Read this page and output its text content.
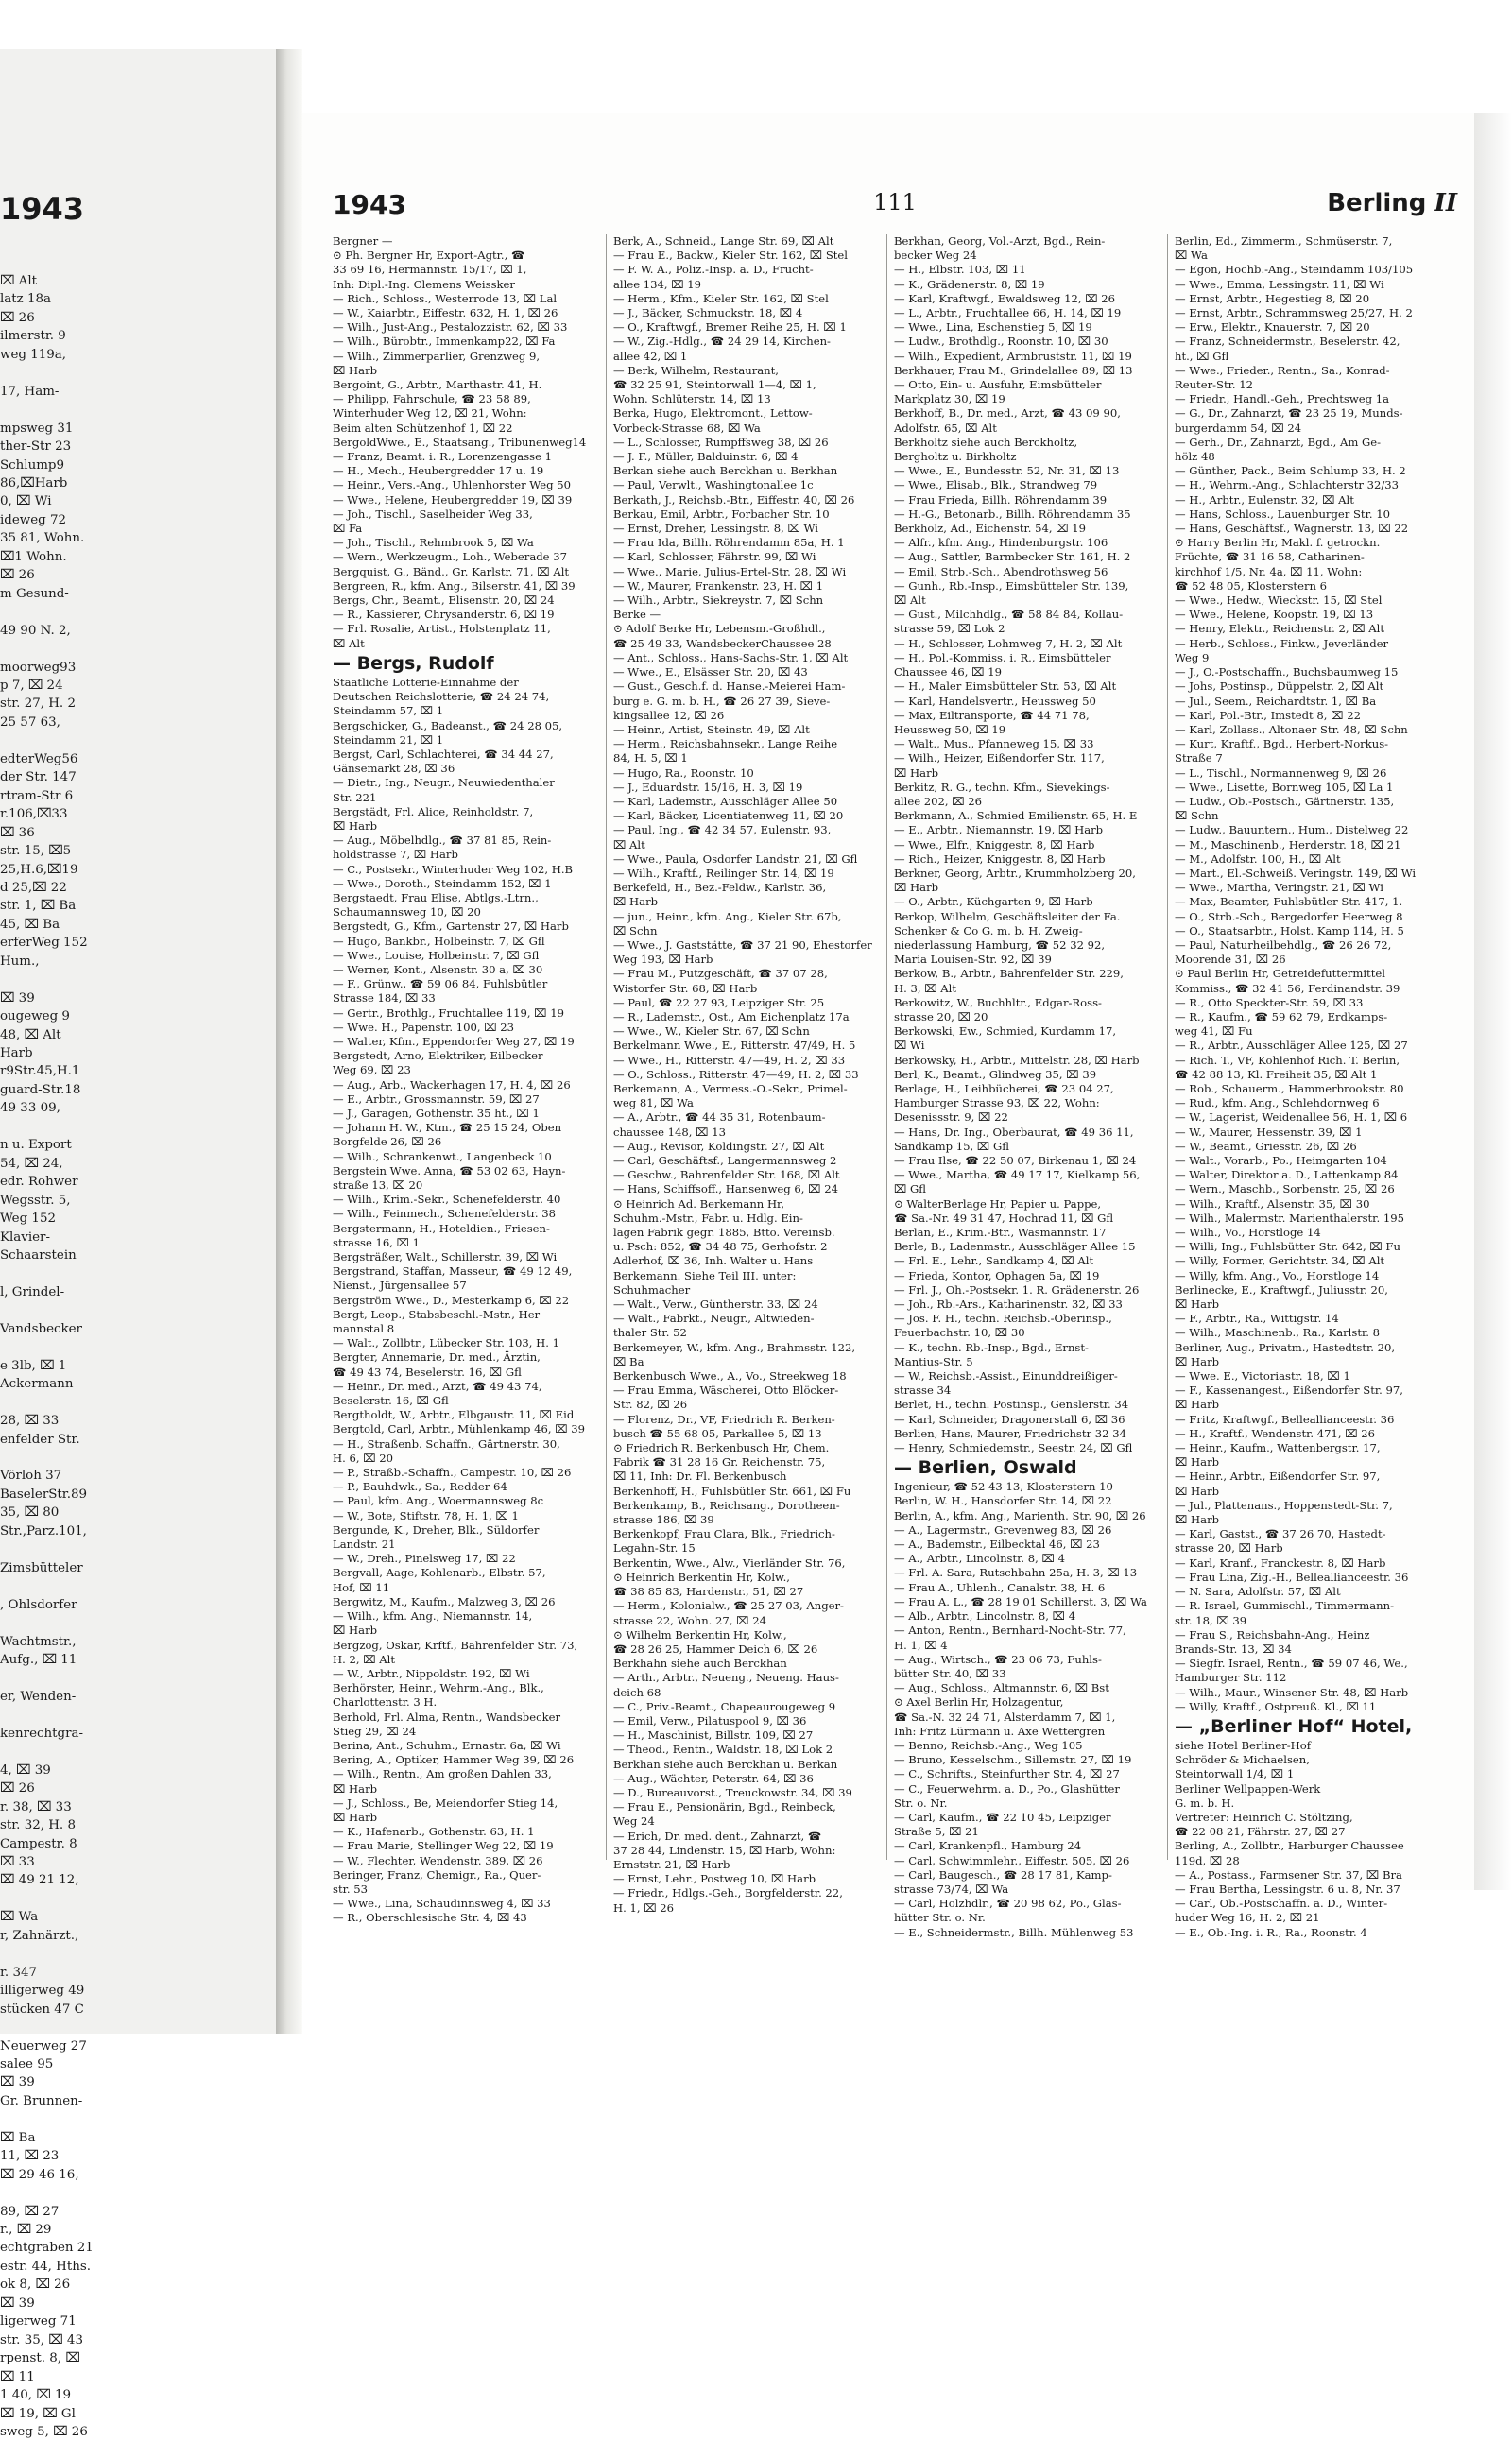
1943
⌧ Alt
latz 18a
⌧ 26
ilmerstr. 9
weg 119a,

17, Ham-

mpsweg 31
ther-Str 23
Schlump9
86,⌧Harb
0, ⌧ Wi
ideweg 72
35 81, Wohn.
⌧1 Wohn.
⌧ 26
m Gesund-

49 90 N. 2,

moorweg93
p 7, ⌧ 24
str. 27, H. 2
25 57 63,

edterWeg56
der Str. 147
rtram-Str 6
r.106,⌧33
⌧ 36
str. 15, ⌧5
25,H.6,⌧19
d 25,⌧ 22
str. 1, ⌧ Ba
45, ⌧ Ba
erferWeg 152
Hum.,

⌧ 39
ougeweg 9
48, ⌧ Alt
Harb
r9Str.45,H.1
guard-Str.18
49 33 09,

n u. Export
54, ⌧ 24,
edr. Rohwer
Wegsstr. 5,
Weg 152
Klavier-
Schaarstein

l, Grindel-

Vandsbecker

e 3lb, ⌧ 1
Ackermann

28, ⌧ 33
enfelder Str.

Vörloh 37
BaselerStr.89
35, ⌧ 80
Str.,Parz.101,

Zimsbütteler

, Ohlsdorfer

Wachtmstr.,
Aufg., ⌧ 11

er, Wenden-

kenrechtgra-

4, ⌧ 39
⌧ 26
r. 38, ⌧ 33
str. 32, H. 8
Campestr. 8
⌧ 33
⌧ 49 21 12,

⌧ Wa
r, Zahnärzt.,

r. 347
illigerweg 49
stücken 47 C

Neuerweg 27
salee 95
⌧ 39
Gr. Brunnen-

⌧ Ba
11, ⌧ 23
⌧ 29 46 16,

89, ⌧ 27
r., ⌧ 29
echtgraben 21
estr. 44, Hths.
ok 8, ⌧ 26
⌧ 39
ligerweg 71
str. 35, ⌧ 43
rpenst. 8, ⌧
⌧ 11
1 40, ⌧ 19
⌧ 19, ⌧ Gl
sweg 5, ⌧ 26
1943	111	Berling II
Bergner —
⊙ Ph. Bergner Hr, Export-Agtr., ☎
33 69 16, Hermannstr. 15/17, ⌧ 1,
Inh: Dipl.-Ing. Clemens Weissker
— Rich., Schloss., Westerrode 13, ⌧ Lal
— W., Kaiarbtr., Eiffestr. 632, H. 1, ⌧ 26
— Wilh., Just-Ang., Pestalozzistr. 62, ⌧ 33
— Wilh., Bürobtr., Immenkamp22, ⌧ Fa
— Wilh., Zimmerparlier, Grenzweg 9,
⌧ Harb
Bergoint, G., Arbtr., Marthastr. 41, H.
— Philipp, Fahrschule, ☎ 23 58 89,
Winterhuder Weg 12, ⌧ 21, Wohn:
Beim alten Schützenhof 1, ⌧ 22
BergoldWwe., E., Staatsang., Tribunenweg14
— Franz, Beamt. i. R., Lorenzengasse 1
— H., Mech., Heubergredder 17 u. 19
— Heinr., Vers.-Ang., Uhlenhorster Weg 50
— Wwe., Helene, Heubergredder 19, ⌧ 39
— Joh., Tischl., Saselheider Weg 33,
⌧ Fa
— Joh., Tischl., Rehmbrook 5, ⌧ Wa
— Wern., Werkzeugm., Loh., Weberade 37
Bergquist, G., Bänd., Gr. Karlstr. 71, ⌧ Alt
Bergreen, R., kfm. Ang., Bilserstr. 41, ⌧ 39
Bergs, Chr., Beamt., Elisenstr. 20, ⌧ 24
— R., Kassierer, Chrysanderstr. 6, ⌧ 19
— Frl. Rosalie, Artist., Holstenplatz 11,
⌧ Alt
— Bergs, Rudolf
Staatliche Lotterie-Einnahme der
Deutschen Reichslotterie, ☎ 24 24 74,
Steindamm 57, ⌧ 1
Bergschicker, G., Badeanst., ☎ 24 28 05,
Steindamm 21, ⌧ 1
Bergst, Carl, Schlachterei, ☎ 34 44 27,
Gänsemarkt 28, ⌧ 36
— Dietr., Ing., Neugr., Neuwiedenthaler
Str. 221
Bergstädt, Frl. Alice, Reinholdstr. 7,
⌧ Harb
— Aug., Möbelhdlg., ☎ 37 81 85, Rein-
holdstrasse 7, ⌧ Harb
— C., Postsekr., Winterhuder Weg 102, H.B
— Wwe., Doroth., Steindamm 152, ⌧ 1
Bergstaedt, Frau Elise, Abtlgs.-Ltrn.,
Schaumannsweg 10, ⌧ 20
Bergstedt, G., Kfm., Gartenstr 27, ⌧ Harb
— Hugo, Bankbr., Holbeinstr. 7, ⌧ Gfl
— Wwe., Louise, Holbeinstr. 7, ⌧ Gfl
— Werner, Kont., Alsenstr. 30 a, ⌧ 30
— F., Grünw., ☎ 59 06 84, Fuhlsbütler
Strasse 184, ⌧ 33
— Gertr., Brothlg., Fruchtallee 119, ⌧ 19
— Wwe. H., Papenstr. 100, ⌧ 23
— Walter, Kfm., Eppendorfer Weg 27, ⌧ 19
Bergstedt, Arno, Elektriker, Eilbecker
Weg 69, ⌧ 23
— Aug., Arb., Wackerhagen 17, H. 4, ⌧ 26
— E., Arbtr., Grossmannstr. 59, ⌧ 27
— J., Garagen, Gothenstr. 35 ht., ⌧ 1
— Johann H. W., Ktm., ☎ 25 15 24, Oben
Borgfelde 26, ⌧ 26
— Wilh., Schrankenwt., Langenbeck 10
Bergstein Wwe. Anna, ☎ 53 02 63, Hayn-
straße 13, ⌧ 20
— Wilh., Krim.-Sekr., Schenefelderstr. 40
— Wilh., Feinmech., Schenefelderstr. 38
Bergstermann, H., Hoteldien., Friesen-
strasse 16, ⌧ 1
Bergsträßer, Walt., Schillerstr. 39, ⌧ Wi
Bergstrand, Staffan, Masseur, ☎ 49 12 49,
Nienst., Jürgensallee 57
Bergström Wwe., D., Mesterkamp 6, ⌧ 22
Bergt, Leop., Stabsbeschl.-Mstr., Her
mannstal 8
— Walt., Zollbtr., Lübecker Str. 103, H. 1
Bergter, Annemarie, Dr. med., Ärztin,
☎ 49 43 74, Beselerstr. 16, ⌧ Gfl
— Heinr., Dr. med., Arzt, ☎ 49 43 74,
Beselerstr. 16, ⌧ Gfl
Bergtholdt, W., Arbtr., Elbgaustr. 11, ⌧ Eid
Bergtold, Carl, Arbtr., Mühlenkamp 46, ⌧ 39
— H., Straßenb. Schaffn., Gärtnerstr. 30,
H. 6, ⌧ 20
— P., Straßb.-Schaffn., Campestr. 10, ⌧ 26
— P., Bauhdwk., Sa., Redder 64
— Paul, kfm. Ang., Woermannsweg 8c
— W., Bote, Stiftstr. 78, H. 1, ⌧ 1
Bergunde, K., Dreher, Blk., Süldorfer
Landstr. 21
— W., Dreh., Pinelsweg 17, ⌧ 22
Bergvall, Aage, Kohlenarb., Elbstr. 57,
Hof, ⌧ 11
Bergwitz, M., Kaufm., Malzweg 3, ⌧ 26
— Wilh., kfm. Ang., Niemannstr. 14,
⌧ Harb
Bergzog, Oskar, Krftf., Bahrenfelder Str. 73,
H. 2, ⌧ Alt
— W., Arbtr., Nippoldstr. 192, ⌧ Wi
Berhörster, Heinr., Wehrm.-Ang., Blk.,
Charlottenstr. 3 H.
Berhold, Frl. Alma, Rentn., Wandsbecker
Stieg 29, ⌧ 24
Berina, Ant., Schuhm., Ernastr. 6a, ⌧ Wi
Bering, A., Optiker, Hammer Weg 39, ⌧ 26
— Wilh., Rentn., Am großen Dahlen 33,
⌧ Harb
— J., Schloss., Be, Meiendorfer Stieg 14,
⌧ Harb
— K., Hafenarb., Gothenstr. 63, H. 1
— Frau Marie, Stellinger Weg 22, ⌧ 19
— W., Flechter, Wendenstr. 389, ⌧ 26
Beringer, Franz, Chemigr., Ra., Quer-
str. 53
— Wwe., Lina, Schaudinnsweg 4, ⌧ 33
— R., Oberschlesische Str. 4, ⌧ 43
Berk, A., Schneid., Lange Str. 69, ⌧ Alt
— Frau E., Backw., Kieler Str. 162, ⌧ Stel
— F. W. A., Poliz.-Insp. a. D., Frucht-
allee 134, ⌧ 19
— Herm., Kfm., Kieler Str. 162, ⌧ Stel
— J., Bäcker, Schmuckstr. 18, ⌧ 4
— O., Kraftwgf., Bremer Reihe 25, H. ⌧ 1
— W., Zig.-Hdlg., ☎ 24 29 14, Kirchen-
allee 42, ⌧ 1
— Berk, Wilhelm, Restaurant,
☎ 32 25 91, Steintorwall 1—4, ⌧ 1,
Wohn. Schlüterstr. 14, ⌧ 13
Berka, Hugo, Elektromont., Lettow-
Vorbeck-Strasse 68, ⌧ Wa
— L., Schlosser, Rumpffsweg 38, ⌧ 26
— J. F., Müller, Balduinstr. 6, ⌧ 4
Berkan siehe auch Berckhan u. Berkhan
— Paul, Verwlt., Washingtonallee 1c
Berkath, J., Reichsb.-Btr., Eiffestr. 40, ⌧ 26
Berkau, Emil, Arbtr., Forbacher Str. 10
— Ernst, Dreher, Lessingstr. 8, ⌧ Wi
— Frau Ida, Billh. Röhrendamm 85a, H. 1
— Karl, Schlosser, Fährstr. 99, ⌧ Wi
— Wwe., Marie, Julius-Ertel-Str. 28, ⌧ Wi
— W., Maurer, Frankenstr. 23, H. ⌧ 1
— Wilh., Arbtr., Siekreystr. 7, ⌧ Schn
Berke —
⊙ Adolf Berke Hr, Lebensm.-Großhdl.,
☎ 25 49 33, WandsbeckerChaussee 28
— Ant., Schloss., Hans-Sachs-Str. 1, ⌧ Alt
— Wwe., E., Elsässer Str. 20, ⌧ 43
— Gust., Gesch.f. d. Hanse.-Meierei Ham-
burg e. G. m. b. H., ☎ 26 27 39, Sieve-
kingsallee 12, ⌧ 26
— Heinr., Artist, Steinstr. 49, ⌧ Alt
— Herm., Reichsbahnsekr., Lange Reihe
84, H. 5, ⌧ 1
— Hugo, Ra., Roonstr. 10
— J., Eduardstr. 15/16, H. 3, ⌧ 19
— Karl, Lademstr., Ausschläger Allee 50
— Karl, Bäcker, Licentiatenweg 11, ⌧ 20
— Paul, Ing., ☎ 42 34 57, Eulenstr. 93,
⌧ Alt
— Wwe., Paula, Osdorfer Landstr. 21, ⌧ Gfl
— Wilh., Kraftf., Reilinger Str. 14, ⌧ 19
Berkefeld, H., Bez.-Feldw., Karlstr. 36,
⌧ Harb
— jun., Heinr., kfm. Ang., Kieler Str. 67b,
⌧ Schn
— Wwe., J. Gaststätte, ☎ 37 21 90, Ehestorfer
Weg 193, ⌧ Harb
— Frau M., Putzgeschäft, ☎ 37 07 28,
Wistorfer Str. 68, ⌧ Harb
— Paul, ☎ 22 27 93, Leipziger Str. 25
— R., Lademstr., Ost., Am Eichenplatz 17a
— Wwe., W., Kieler Str. 67, ⌧ Schn
Berkelmann Wwe., E., Ritterstr. 47/49, H. 5
— Wwe., H., Ritterstr. 47—49, H. 2, ⌧ 33
— O., Schloss., Ritterstr. 47—49, H. 2, ⌧ 33
Berkemann, A., Vermess.-O.-Sekr., Primel-
weg 81, ⌧ Wa
— A., Arbtr., ☎ 44 35 31, Rotenbaum-
chaussee 148, ⌧ 13
— Aug., Revisor, Koldingstr. 27, ⌧ Alt
— Carl, Geschäftsf., Langermannsweg 2
— Geschw., Bahrenfelder Str. 168, ⌧ Alt
— Hans, Schiffsoff., Hansenweg 6, ⌧ 24
⊙ Heinrich Ad. Berkemann Hr,
Schuhm.-Mstr., Fabr. u. Hdlg. Ein-
lagen Fabrik gegr. 1885, Btto. Vereinsb.
u. Psch: 852, ☎ 34 48 75, Gerhofstr. 2
Adlerhof, ⌧ 36, Inh. Walter u. Hans
Berkemann. Siehe Teil III. unter:
Schuhmacher
— Walt., Verw., Güntherstr. 33, ⌧ 24
— Walt., Fabrkt., Neugr., Altwieden-
thaler Str. 52
Berkemeyer, W., kfm. Ang., Brahmsstr. 122,
⌧ Ba
Berkenbusch Wwe., A., Vo., Streekweg 18
— Frau Emma, Wäscherei, Otto Blöcker-
Str. 82, ⌧ 26
— Florenz, Dr., VF, Friedrich R. Berken-
busch ☎ 55 68 05, Parkallee 5, ⌧ 13
⊙ Friedrich R. Berkenbusch Hr, Chem.
Fabrik ☎ 31 28 16 Gr. Reichenstr. 75,
⌧ 11, Inh: Dr. Fl. Berkenbusch
Berkenhoff, H., Fuhlsbütler Str. 661, ⌧ Fu
Berkenkamp, B., Reichsang., Dorotheen-
strasse 186, ⌧ 39
Berkenkopf, Frau Clara, Blk., Friedrich-
Legahn-Str. 15
Berkentin, Wwe., Alw., Vierländer Str. 76,
⊙ Heinrich Berkentin Hr, Kolw.,
☎ 38 85 83, Hardenstr., 51, ⌧ 27
— Herm., Kolonialw., ☎ 25 27 03, Anger-
strasse 22, Wohn. 27, ⌧ 24
⊙ Wilhelm Berkentin Hr, Kolw.,
☎ 28 26 25, Hammer Deich 6, ⌧ 26
Berkhahn siehe auch Berckhan
— Arth., Arbtr., Neueng., Neueng. Haus-
deich 68
— C., Priv.-Beamt., Chapeaurougeweg 9
— Emil, Verw., Pilatuspool 9, ⌧ 36
— H., Maschinist, Billstr. 109, ⌧ 27
— Theod., Rentn., Waldstr. 18, ⌧ Lok 2
Berkhan siehe auch Berckhan u. Berkan
— Aug., Wächter, Peterstr. 64, ⌧ 36
— D., Bureauvorst., Treuckowstr. 34, ⌧ 39
— Frau E., Pensionärin, Bgd., Reinbeck,
Weg 24
— Erich, Dr. med. dent., Zahnarzt, ☎
37 28 44, Lindenstr. 15, ⌧ Harb, Wohn:
Ernststr. 21, ⌧ Harb
— Ernst, Lehr., Postweg 10, ⌧ Harb
— Friedr., Hdlgs.-Geh., Borgfelderstr. 22,
H. 1, ⌧ 26
Berkhan, Georg, Vol.-Arzt, Bgd., Rein-
becker Weg 24
— H., Elbstr. 103, ⌧ 11
— K., Grädenerstr. 8, ⌧ 19
— Karl, Kraftwgf., Ewaldsweg 12, ⌧ 26
— L., Arbtr., Fruchtallee 66, H. 14, ⌧ 19
— Wwe., Lina, Eschenstieg 5, ⌧ 19
— Ludw., Brothdlg., Roonstr. 10, ⌧ 30
— Wilh., Expedient, Armbruststr. 11, ⌧ 19
Berkhauer, Frau M., Grindelallee 89, ⌧ 13
— Otto, Ein- u. Ausfuhr, Eimsbütteler
Markplatz 30, ⌧ 19
Berkhoff, B., Dr. med., Arzt, ☎ 43 09 90,
Adolfstr. 65, ⌧ Alt
Berkholtz siehe auch Berckholtz,
Bergholtz u. Birkholtz
— Wwe., E., Bundesstr. 52, Nr. 31, ⌧ 13
— Wwe., Elisab., Blk., Strandweg 79
— Frau Frieda, Billh. Röhrendamm 39
— H.-G., Betonarb., Billh. Röhrendamm 35
Berkholz, Ad., Eichenstr. 54, ⌧ 19
— Alfr., kfm. Ang., Hindenburgstr. 106
— Aug., Sattler, Barmbecker Str. 161, H. 2
— Emil, Strb.-Sch., Abendrothsweg 56
— Gunh., Rb.-Insp., Eimsbütteler Str. 139,
⌧ Alt
— Gust., Milchhdlg., ☎ 58 84 84, Kollau-
strasse 59, ⌧ Lok 2
— H., Schlosser, Lohmweg 7, H. 2, ⌧ Alt
— H., Pol.-Kommiss. i. R., Eimsbütteler
Chaussee 46, ⌧ 19
— H., Maler Eimsbütteler Str. 53, ⌧ Alt
— Karl, Handelsvertr., Heussweg 50
— Max, Eiltransporte, ☎ 44 71 78,
Heussweg 50, ⌧ 19
— Walt., Mus., Pfanneweg 15, ⌧ 33
— Wilh., Heizer, Eißendorfer Str. 117,
⌧ Harb
Berkitz, R. G., techn. Kfm., Sievekings-
allee 202, ⌧ 26
Berkmann, A., Schmied Emilienstr. 65, H. E
— E., Arbtr., Niemannstr. 19, ⌧ Harb
— Wwe., Elfr., Kniggestr. 8, ⌧ Harb
— Rich., Heizer, Kniggestr. 8, ⌧ Harb
Berkner, Georg, Arbtr., Krummholzberg 20,
⌧ Harb
— O., Arbtr., Küchgarten 9, ⌧ Harb
Berkop, Wilhelm, Geschäftsleiter der Fa.
Schenker & Co G. m. b. H. Zweig-
niederlassung Hamburg, ☎ 52 32 92,
Maria Louisen-Str. 92, ⌧ 39
Berkow, B., Arbtr., Bahrenfelder Str. 229,
H. 3, ⌧ Alt
Berkowitz, W., Buchhltr., Edgar-Ross-
strasse 20, ⌧ 20
Berkowski, Ew., Schmied, Kurdamm 17,
⌧ Wi
Berkowsky, H., Arbtr., Mittelstr. 28, ⌧ Harb
Berl, K., Beamt., Glindweg 35, ⌧ 39
Berlage, H., Leihbücherei, ☎ 23 04 27,
Hamburger Strasse 93, ⌧ 22, Wohn:
Desenissstr. 9, ⌧ 22
— Hans, Dr. Ing., Oberbaurat, ☎ 49 36 11,
Sandkamp 15, ⌧ Gfl
— Frau Ilse, ☎ 22 50 07, Birkenau 1, ⌧ 24
— Wwe., Martha, ☎ 49 17 17, Kielkamp 56,
⌧ Gfl
⊙ WalterBerlage Hr, Papier u. Pappe,
☎ Sa.-Nr. 49 31 47, Hochrad 11, ⌧ Gfl
Berlan, E., Krim.-Btr., Wasmannstr. 17
Berle, B., Ladenmstr., Ausschläger Allee 15
— Frl. E., Lehr., Sandkamp 4, ⌧ Alt
— Frieda, Kontor, Ophagen 5a, ⌧ 19
— Frl. J., Oh.-Postsekr. 1. R. Grädenerstr. 26
— Joh., Rb.-Ars., Katharinenstr. 32, ⌧ 33
— Jos. F. H., techn. Reichsb.-Oberinsp.,
Feuerbachstr. 10, ⌧ 30
— K., techn. Rb.-Insp., Bgd., Ernst-
Mantius-Str. 5
— W., Reichsb.-Assist., Einunddreißiger-
strasse 34
Berlet, H., techn. Postinsp., Genslerstr. 34
— Karl, Schneider, Dragonerstall 6, ⌧ 36
Berlien, Hans, Maurer, Friedrichstr 32 34
— Henry, Schmiedemstr., Seestr. 24, ⌧ Gfl
— Berlien, Oswald
Ingenieur, ☎ 52 43 13, Klosterstern 10
Berlin, W. H., Hansdorfer Str. 14, ⌧ 22
Berlin, A., kfm. Ang., Marienth. Str. 90, ⌧ 26
— A., Lagermstr., Grevenweg 83, ⌧ 26
— A., Bademstr., Eilbecktal 46, ⌧ 23
— A., Arbtr., Lincolnstr. 8, ⌧ 4
— Frl. A. Sara, Rutschbahn 25a, H. 3, ⌧ 13
— Frau A., Uhlenh., Canalstr. 38, H. 6
— Frau A. L., ☎ 28 19 01 Schillerst. 3, ⌧ Wa
— Alb., Arbtr., Lincolnstr. 8, ⌧ 4
— Anton, Rentn., Bernhard-Nocht-Str. 77,
H. 1, ⌧ 4
— Aug., Wirtsch., ☎ 23 06 73, Fuhls-
bütter Str. 40, ⌧ 33
— Aug., Schloss., Altmannstr. 6, ⌧ Bst
⊙ Axel Berlin Hr, Holzagentur,
☎ Sa.-N. 32 24 71, Alsterdamm 7, ⌧ 1,
Inh: Fritz Lürmann u. Axe Wettergren
— Benno, Reichsb.-Ang., Weg 105
— Bruno, Kesselschm., Sillemstr. 27, ⌧ 19
— C., Schrifts., Steinfurther Str. 4, ⌧ 27
— C., Feuerwehrm. a. D., Po., Glashütter
Str. o. Nr.
— Carl, Kaufm., ☎ 22 10 45, Leipziger
Straße 5, ⌧ 21
— Carl, Krankenpfl., Hamburg 24
— Carl, Schwimmlehr., Eiffestr. 505, ⌧ 26
— Carl, Baugesch., ☎ 28 17 81, Kamp-
strasse 73/74, ⌧ Wa
— Carl, Holzhdlr., ☎ 20 98 62, Po., Glas-
hütter Str. o. Nr.
— E., Schneidermstr., Billh. Mühlenweg 53
Berlin, Ed., Zimmerm., Schmüserstr. 7,
⌧ Wa
— Egon, Hochb.-Ang., Steindamm 103/105
— Wwe., Emma, Lessingstr. 11, ⌧ Wi
— Ernst, Arbtr., Hegestieg 8, ⌧ 20
— Ernst, Arbtr., Schrammsweg 25/27, H. 2
— Erw., Elektr., Knauerstr. 7, ⌧ 20
— Franz, Schneidermstr., Beselerstr. 42,
ht., ⌧ Gfl
— Wwe., Frieder., Rentn., Sa., Konrad-
Reuter-Str. 12
— Friedr., Handl.-Geh., Prechtsweg 1a
— G., Dr., Zahnarzt, ☎ 23 25 19, Munds-
burgerdamm 54, ⌧ 24
— Gerh., Dr., Zahnarzt, Bgd., Am Ge-
hölz 48
— Günther, Pack., Beim Schlump 33, H. 2
— H., Wehrm.-Ang., Schlachterstr 32/33
— H., Arbtr., Eulenstr. 32, ⌧ Alt
— Hans, Schloss., Lauenburger Str. 10
— Hans, Geschäftsf., Wagnerstr. 13, ⌧ 22
⊙ Harry Berlin Hr, Makl. f. getrockn.
Früchte, ☎ 31 16 58, Catharinen-
kirchhof 1/5, Nr. 4a, ⌧ 11, Wohn:
☎ 52 48 05, Klosterstern 6
— Wwe., Hedw., Wieckstr. 15, ⌧ Stel
— Wwe., Helene, Koopstr. 19, ⌧ 13
— Henry, Elektr., Reichenstr. 2, ⌧ Alt
— Herb., Schloss., Finkw., Jeverländer
Weg 9
— J., O.-Postschaffn., Buchsbaumweg 15
— Johs, Postinsp., Düppelstr. 2, ⌧ Alt
— Jul., Seem., Reichardtstr. 1, ⌧ Ba
— Karl, Pol.-Btr., Imstedt 8, ⌧ 22
— Karl, Zollass., Altonaer Str. 48, ⌧ Schn
— Kurt, Kraftf., Bgd., Herbert-Norkus-
Straße 7
— L., Tischl., Normannenweg 9, ⌧ 26
— Wwe., Lisette, Bornweg 105, ⌧ La 1
— Ludw., Ob.-Postsch., Gärtnerstr. 135,
⌧ Schn
— Ludw., Bauuntern., Hum., Distelweg 22
— M., Maschinenb., Herderstr. 18, ⌧ 21
— M., Adolfstr. 100, H., ⌧ Alt
— Mart., El.-Schweiß. Veringstr. 149, ⌧ Wi
— Wwe., Martha, Veringstr. 21, ⌧ Wi
— Max, Beamter, Fuhlsbütler Str. 417, 1.
— O., Strb.-Sch., Bergedorfer Heerweg 8
— O., Staatsarbtr., Holst. Kamp 114, H. 5
— Paul, Naturheilbehdlg., ☎ 26 26 72,
Moorende 31, ⌧ 26
⊙ Paul Berlin Hr, Getreidefuttermittel
Kommiss., ☎ 32 41 56, Ferdinandstr. 39
— R., Otto Speckter-Str. 59, ⌧ 33
— R., Kaufm., ☎ 59 62 79, Erdkamps-
weg 41, ⌧ Fu
— R., Arbtr., Ausschläger Allee 125, ⌧ 27
— Rich. T., VF, Kohlenhof Rich. T. Berlin,
☎ 42 88 13, Kl. Freiheit 35, ⌧ Alt 1
— Rob., Schauerm., Hammerbrookstr. 80
— Rud., kfm. Ang., Schlehdornweg 6
— W., Lagerist, Weidenallee 56, H. 1, ⌧ 6
— W., Maurer, Hessenstr. 39, ⌧ 1
— W., Beamt., Griesstr. 26, ⌧ 26
— Walt., Vorarb., Po., Heimgarten 104
— Walter, Direktor a. D., Lattenkamp 84
— Wern., Maschb., Sorbenstr. 25, ⌧ 26
— Wilh., Kraftf., Alsenstr. 35, ⌧ 30
— Wilh., Malermstr. Marienthalerstr. 195
— Wilh., Vo., Horstloge 14
— Willi, Ing., Fuhlsbütter Str. 642, ⌧ Fu
— Willy, Former, Gerichtstr. 34, ⌧ Alt
— Willy, kfm. Ang., Vo., Horstloge 14
Berlinecke, E., Kraftwgf., Juliusstr. 20,
⌧ Harb
— F., Arbtr., Ra., Wittigstr. 14
— Wilh., Maschinenb., Ra., Karlstr. 8
Berliner, Aug., Privatm., Hastedtstr. 20,
⌧ Harb
— Wwe. E., Victoriastr. 18, ⌧ 1
— F., Kassenangest., Eißendorfer Str. 97,
⌧ Harb
— Fritz, Kraftwgf., Belleallianceestr. 36
— H., Kraftf., Wendenstr. 471, ⌧ 26
— Heinr., Kaufm., Wattenbergstr. 17,
⌧ Harb
— Heinr., Arbtr., Eißendorfer Str. 97,
⌧ Harb
— Jul., Plattenans., Hoppenstedt-Str. 7,
⌧ Harb
— Karl, Gastst., ☎ 37 26 70, Hastedt-
strasse 20, ⌧ Harb
— Karl, Kranf., Franckestr. 8, ⌧ Harb
— Frau Lina, Zig.-H., Belleallianceestr. 36
— N. Sara, Adolfstr. 57, ⌧ Alt
— R. Israel, Gummischl., Timmermann-
str. 18, ⌧ 39
— Frau S., Reichsbahn-Ang., Heinz
Brands-Str. 13, ⌧ 34
— Siegfr. Israel, Rentn., ☎ 59 07 46, We.,
Hamburger Str. 112
— Wilh., Maur., Winsener Str. 48, ⌧ Harb
— Willy, Kraftf., Ostpreuß. Kl., ⌧ 11
— „Berliner Hof“ Hotel,
siehe Hotel Berliner-Hof
Schröder & Michaelsen,
Steintorwall 1/4, ⌧ 1
Berliner Wellpappen-Werk
G. m. b. H.
Vertreter: Heinrich C. Stöltzing,
☎ 22 08 21, Fährstr. 27, ⌧ 27
Berling, A., Zollbtr., Harburger Chaussee
119d, ⌧ 28
— A., Postass., Farmsener Str. 37, ⌧ Bra
— Frau Bertha, Lessingstr. 6 u. 8, Nr. 37
— Carl, Ob.-Postschaffn. a. D., Winter-
huder Weg 16, H. 2, ⌧ 21
— E., Ob.-Ing. i. R., Ra., Roonstr. 4
